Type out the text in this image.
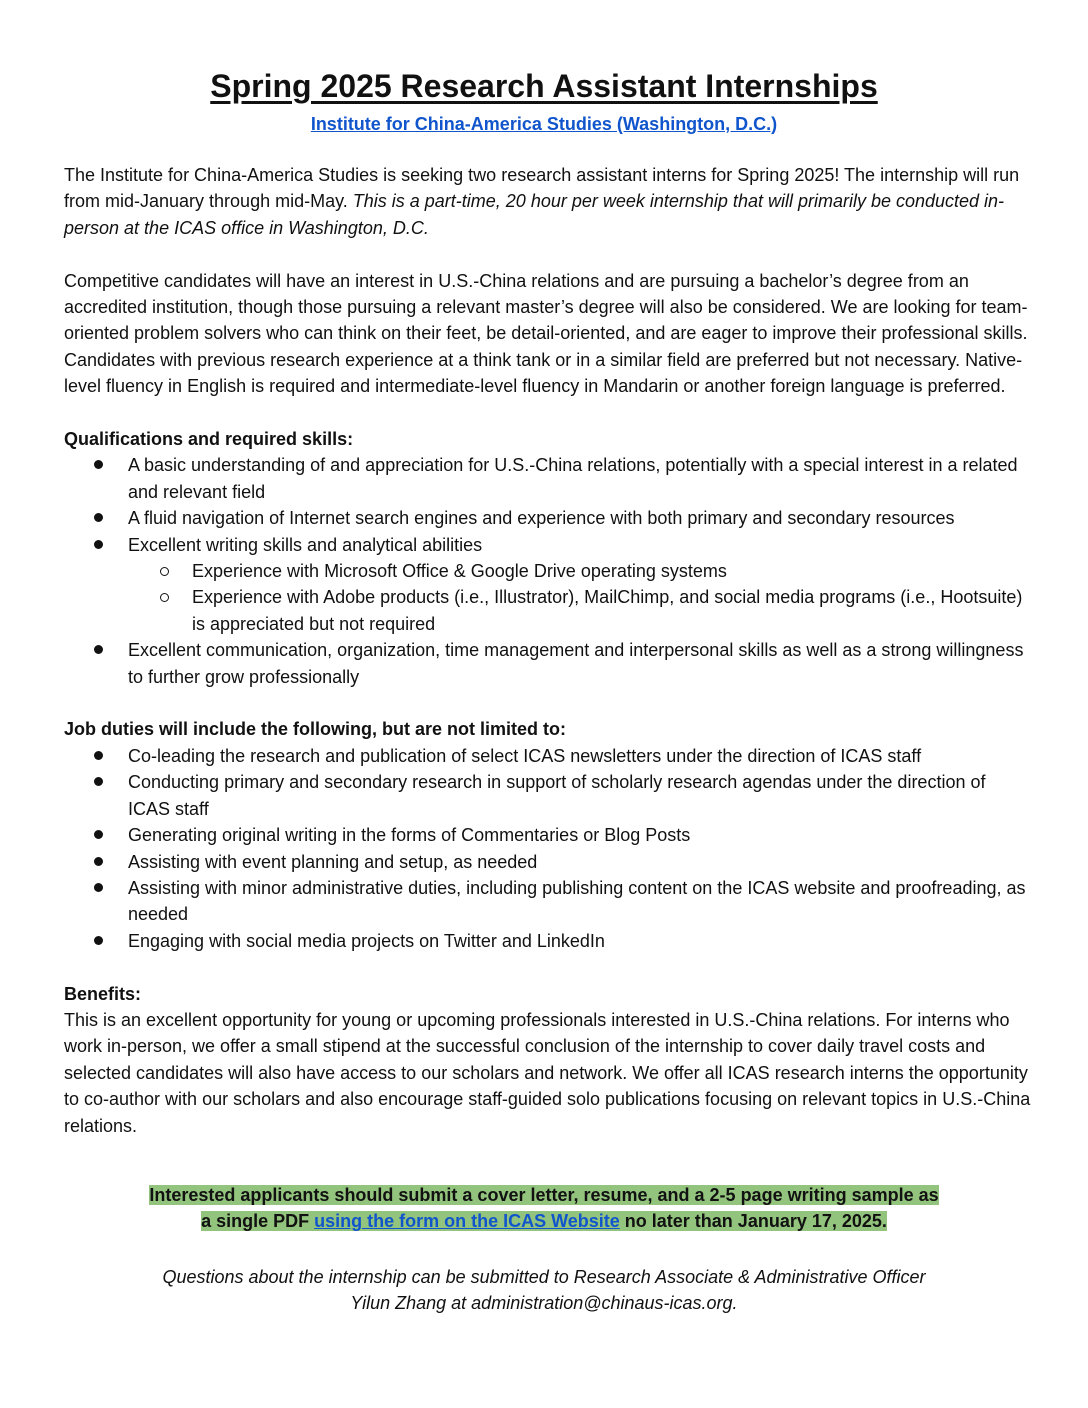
Spring 2025 Research Assistant Internships
Institute for China-America Studies (Washington, D.C.)

The Institute for China-America Studies is seeking two research assistant interns for Spring 2025! The internship will run from mid-January through mid-May. This is a part-time, 20 hour per week internship that will primarily be conducted in-person at the ICAS office in Washington, D.C.

Competitive candidates will have an interest in U.S.-China relations and are pursuing a bachelor’s degree from an accredited institution, though those pursuing a relevant master’s degree will also be considered. We are looking for team-oriented problem solvers who can think on their feet, be detail-oriented, and are eager to improve their professional skills. Candidates with previous research experience at a think tank or in a similar field are preferred but not necessary. Native-level fluency in English is required and intermediate-level fluency in Mandarin or another foreign language is preferred.

Qualifications and required skills:

A basic understanding of and appreciation for U.S.-China relations, potentially with a special interest in a related and relevant field
A fluid navigation of Internet search engines and experience with both primary and secondary resources
Excellent writing skills and analytical abilities
Experience with Microsoft Office & Google Drive operating systems
Experience with Adobe products (i.e., Illustrator), MailChimp, and social media programs (i.e., Hootsuite) is appreciated but not required
Excellent communication, organization, time management and interpersonal skills as well as a strong willingness to further grow professionally

Job duties will include the following, but are not limited to:

Co-leading the research and publication of select ICAS newsletters under the direction of ICAS staff
Conducting primary and secondary research in support of scholarly research agendas under the direction of ICAS staff
Generating original writing in the forms of Commentaries or Blog Posts
Assisting with event planning and setup, as needed
Assisting with minor administrative duties, including publishing content on the ICAS website and proofreading, as needed
Engaging with social media projects on Twitter and LinkedIn

Benefits:

This is an excellent opportunity for young or upcoming professionals interested in U.S.-China relations. For interns who work in-person, we offer a small stipend at the successful conclusion of the internship to cover daily travel costs and selected candidates will also have access to our scholars and network. We offer all ICAS research interns the opportunity to co-author with our scholars and also encourage staff-guided solo publications focusing on relevant topics in U.S.-China relations.

Interested applicants should submit a cover letter, resume, and a 2-5 page writing sample as
a single PDF using the form on the ICAS Website no later than January 17, 2025.
Questions about the internship can be submitted to Research Associate & Administrative Officer
Yilun Zhang at administration@chinaus-icas.org.
